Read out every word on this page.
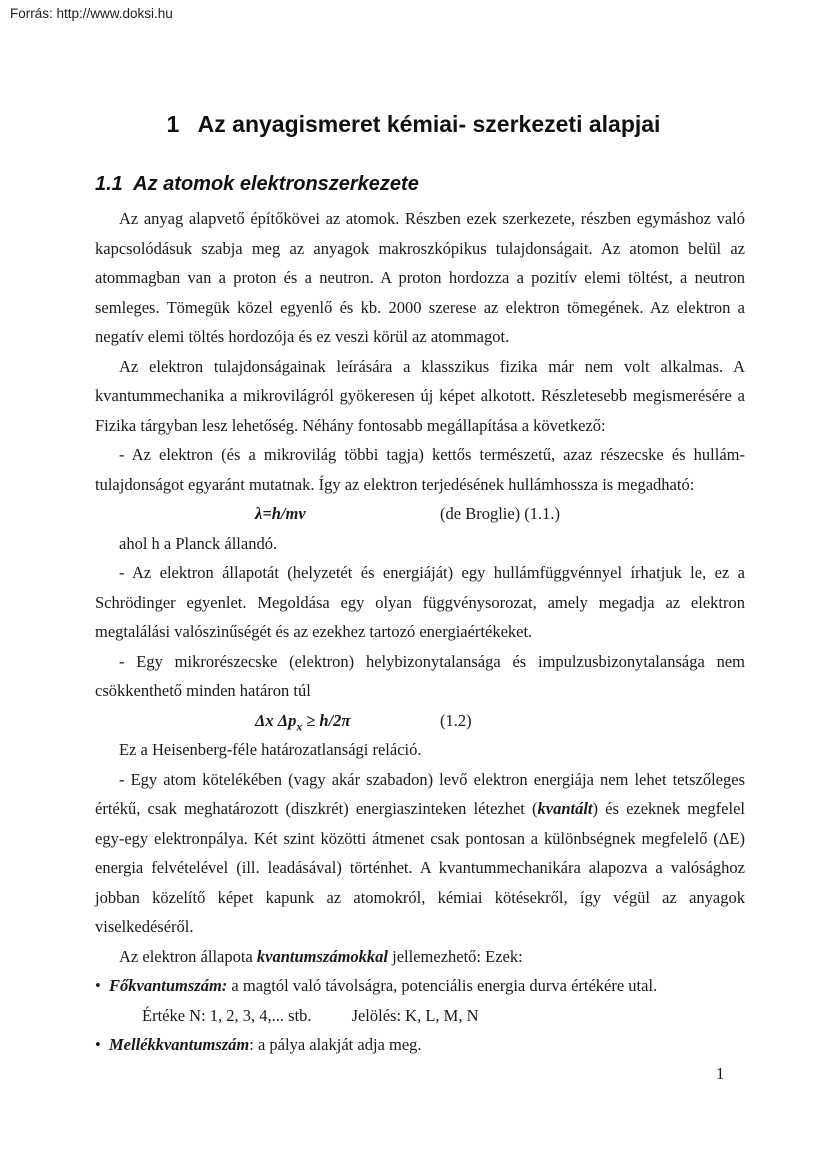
Forrás: http://www.doksi.hu
1   Az anyagismeret kémiai- szerkezeti alapjai
1.1  Az atomok elektronszerkezete

Az anyag alapvető építőkövei az atomok. Részben ezek szerkezete, részben egymáshoz való kapcsolódásuk szabja meg az anyagok makroszkópikus tulajdonságait. Az atomon belül az atommagban van a proton és a neutron. A proton hordozza a pozitív elemi töltést, a neutron semleges. Tömegük közel egyenlő és kb. 2000 szerese az elektron tömegének. Az elektron a negatív elemi töltés hordozója és ez veszi körül az atommagot.

Az elektron tulajdonságainak leírására a klasszikus fizika már nem volt alkalmas. A kvantummechanika a mikrovilágról gyökeresen új képet alkotott. Részletesebb megismerésére a Fizika tárgyban lesz lehetőség. Néhány fontosabb megállapítása a következő:

- Az elektron (és a mikrovilág többi tagja) kettős természetű, azaz részecske és hullám-tulajdonságot egyaránt mutatnak. Így az elektron terjedésének hullámhossza is megadható:

λ=h/mv	(de Broglie) (1.1.)

ahol h a Planck állandó.

- Az elektron állapotát (helyzetét és energiáját) egy hullámfüggvénnyel írhatjuk le, ez a Schrödinger egyenlet. Megoldása egy olyan függvénysorozat, amely megadja az elektron megtalálási valószinűségét és az ezekhez tartozó energiaértékeket.

- Egy mikrorészecske (elektron) helybizonytalansága és impulzusbizonytalansága nem csökkenthető minden határon túl

Δx $\Delta p_x \ge h/2\pi$	(1.2)

Ez a Heisenberg-féle határozatlansági reláció.

- Egy atom kötelékében (vagy akár szabadon) levő elektron energiája nem lehet tetszőleges értékű, csak meghatározott (diszkrét) energiaszinteken létezhet (kvantált) és ezeknek megfelel egy-egy elektronpálya. Két szint közötti átmenet csak pontosan a különbségnek megfelelő (ΔE) energia felvételével (ill. leadásával) történhet. A kvantummechanikára alapozva a valósághoz jobban közelítő képet kapunk az atomokról, kémiai kötésekről, így végül az anyagok viselkedéséről.

Az elektron állapota kvantumszámokkal jellemezhető: Ezek:

• Főkvantumszám: a magtól való távolságra, potenciális energia durva értékére utal.

Értéke N: 1, 2, 3, 4,... stb. Jelölés: K, L, M, N

• Mellékkvantumszám: a pálya alakját adja meg.

1
